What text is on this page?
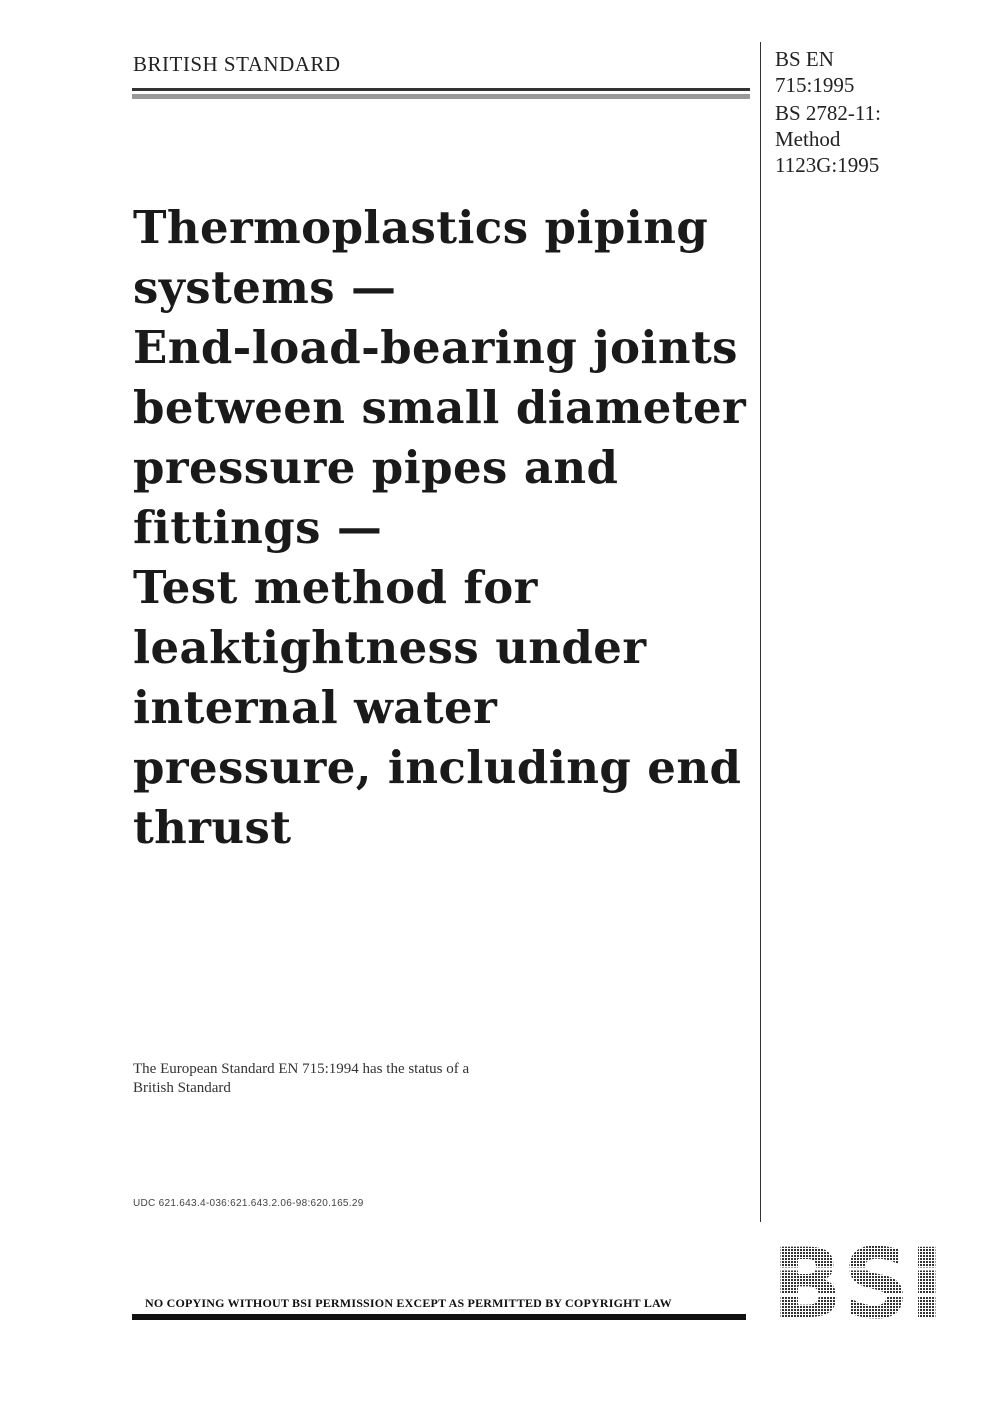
BRITISH STANDARD	BS EN
715:1995
BS 2782-11:
Method
1123G:1995
Thermoplastics piping
systems —
End-load-bearing joints
between small diameter
pressure pipes and
fittings —
Test method for
leaktightness under
internal water
pressure, including end
thrust
The European Standard EN 715:1994 has the status of a
British Standard
UDC 621.643.4-036:621.643.2.06-98:620.165.29
NO COPYING WITHOUT BSI PERMISSION EXCEPT AS PERMITTED BY COPYRIGHT LAW
